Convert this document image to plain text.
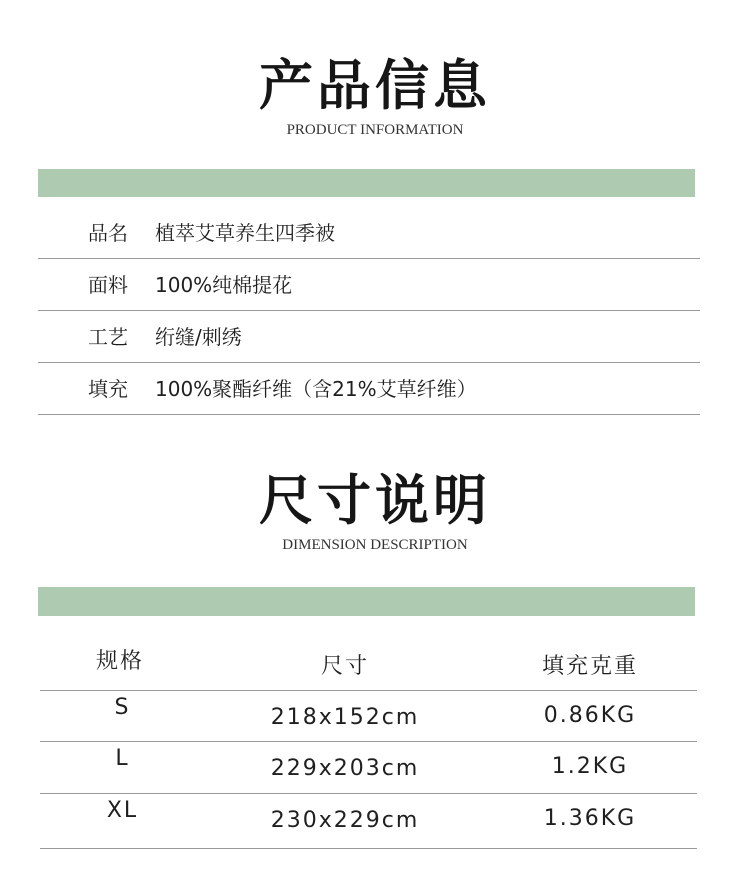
产品信息
PRODUCT INFORMATION
品名 植萃艾草养生四季被
面料 100%纯棉提花
工艺 绗缝/刺绣
填充 100%聚酯纤维（含21%艾草纤维）
尺寸说明
DIMENSION DESCRIPTION
规格	尺寸	填充克重
S	218x152cm	0.86KG
L	229x203cm	1.2KG
XL	230x229cm	1.36KG
